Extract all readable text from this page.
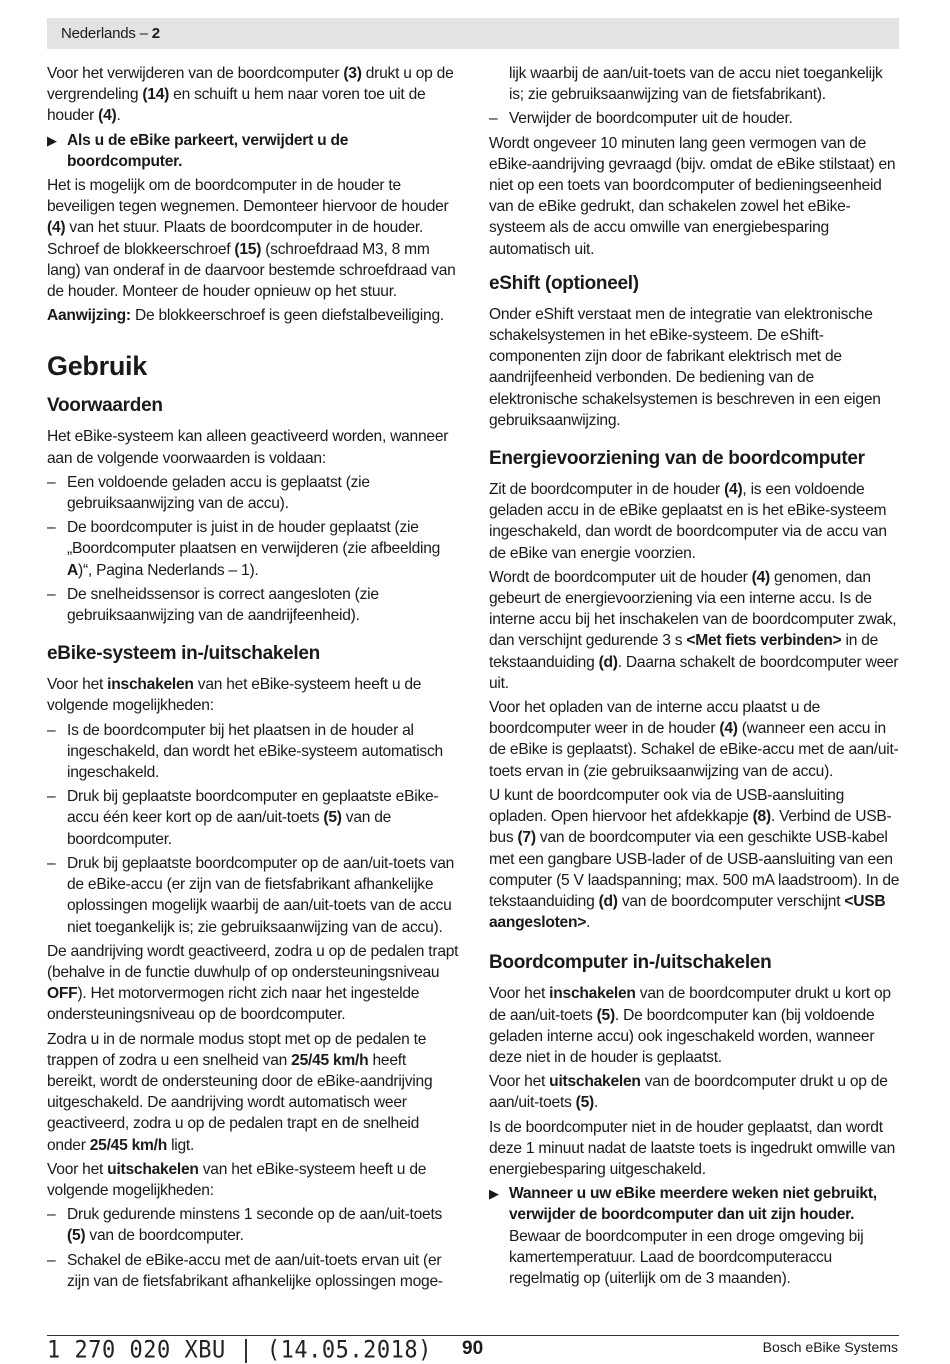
Nederlands – 2

Voor het verwijderen van de boordcomputer (3) drukt u op de vergrendeling (14) en schuift u hem naar voren toe uit de houder (4).

▶ Als u de eBike parkeert, verwijdert u de boordcomputer.

Het is mogelijk om de boordcomputer in de houder te beveiligen tegen wegnemen. Demonteer hiervoor de houder (4) van het stuur. Plaats de boordcomputer in de houder. Schroef de blokkeerschroef (15) (schroefdraad M3, 8 mm lang) van onderaf in de daarvoor bestemde schroefdraad van de houder. Monteer de houder opnieuw op het stuur.

Aanwijzing: De blokkeerschroef is geen diefstalbeveiliging.

Gebruik
Voorwaarden

Het eBike-systeem kan alleen geactiveerd worden, wanneer aan de volgende voorwaarden is voldaan:

– Een voldoende geladen accu is geplaatst (zie gebruiksaanwijzing van de accu).
– De boordcomputer is juist in de houder geplaatst (zie „Boordcomputer plaatsen en verwijderen (zie afbeelding A)“, Pagina Nederlands – 1).
– De snelheidssensor is correct aangesloten (zie gebruiksaanwijzing van de aandrijfeenheid).
eBike-systeem in-/uitschakelen

Voor het inschakelen van het eBike-systeem heeft u de volgende mogelijkheden:

– Is de boordcomputer bij het plaatsen in de houder al ingeschakeld, dan wordt het eBike-systeem automatisch ingeschakeld.
– Druk bij geplaatste boordcomputer en geplaatste eBike-accu één keer kort op de aan/uit-toets (5) van de boordcomputer.
– Druk bij geplaatste boordcomputer op de aan/uit-toets van de eBike-accu (er zijn van de fietsfabrikant afhankelijke oplossingen mogelijk waarbij de aan/uit-toets van de accu niet toegankelijk is; zie gebruiksaanwijzing van de accu).

De aandrijving wordt geactiveerd, zodra u op de pedalen trapt (behalve in de functie duwhulp of op ondersteuningsniveau OFF). Het motorvermogen richt zich naar het ingestelde ondersteuningsniveau op de boordcomputer.

Zodra u in de normale modus stopt met op de pedalen te trappen of zodra u een snelheid van 25/45 km/h heeft bereikt, wordt de ondersteuning door de eBike-aandrijving uitgeschakeld. De aandrijving wordt automatisch weer geactiveerd, zodra u op de pedalen trapt en de snelheid onder 25/45 km/h ligt.

Voor het uitschakelen van het eBike-systeem heeft u de volgende mogelijkheden:

– Druk gedurende minstens 1 seconde op de aan/uit-toets (5) van de boordcomputer.
– Schakel de eBike-accu met de aan/uit-toets ervan uit (er zijn van de fietsfabrikant afhankelijke oplossingen moge-

lijk waarbij de aan/uit-toets van de accu niet toegankelijk is; zie gebruiksaanwijzing van de fietsfabrikant).

– Verwijder de boordcomputer uit de houder.

Wordt ongeveer 10 minuten lang geen vermogen van de eBike-aandrijving gevraagd (bijv. omdat de eBike stilstaat) en niet op een toets van boordcomputer of bedieningseenheid van de eBike gedrukt, dan schakelen zowel het eBike-systeem als de accu omwille van energiebesparing automatisch uit.

eShift (optioneel)

Onder eShift verstaat men de integratie van elektronische schakelsystemen in het eBike-systeem. De eShift-componenten zijn door de fabrikant elektrisch met de aandrijfeenheid verbonden. De bediening van de elektronische schakelsystemen is beschreven in een eigen gebruiksaanwijzing.

Energievoorziening van de boordcomputer

Zit de boordcomputer in de houder (4), is een voldoende geladen accu in de eBike geplaatst en is het eBike-systeem ingeschakeld, dan wordt de boordcomputer via de accu van de eBike van energie voorzien.

Wordt de boordcomputer uit de houder (4) genomen, dan gebeurt de energievoorziening via een interne accu. Is de interne accu bij het inschakelen van de boordcomputer zwak, dan verschijnt gedurende 3 s <Met fiets verbinden> in de tekstaanduiding (d). Daarna schakelt de boordcomputer weer uit.

Voor het opladen van de interne accu plaatst u de boordcomputer weer in de houder (4) (wanneer een accu in de eBike is geplaatst). Schakel de eBike-accu met de aan/uit-toets ervan in (zie gebruiksaanwijzing van de accu).

U kunt de boordcomputer ook via de USB-aansluiting opladen. Open hiervoor het afdekkapje (8). Verbind de USB-bus (7) van de boordcomputer via een geschikte USB-kabel met een gangbare USB-lader of de USB-aansluiting van een computer (5 V laadspanning; max. 500 mA laadstroom). In de tekstaanduiding (d) van de boordcomputer verschijnt <USB aangesloten>.

Boordcomputer in-/uitschakelen

Voor het inschakelen van de boordcomputer drukt u kort op de aan/uit-toets (5). De boordcomputer kan (bij voldoende geladen interne accu) ook ingeschakeld worden, wanneer deze niet in de houder is geplaatst.

Voor het uitschakelen van de boordcomputer drukt u op de aan/uit-toets (5).

Is de boordcomputer niet in de houder geplaatst, dan wordt deze 1 minuut nadat de laatste toets is ingedrukt omwille van energiebesparing uitgeschakeld.

▶ Wanneer u uw eBike meerdere weken niet gebruikt, verwijder de boordcomputer dan uit zijn houder. Bewaar de boordcomputer in een droge omgeving bij kamertemperatuur. Laad de boordcomputeraccu regelmatig op (uiterlijk om de 3 maanden).
1 270 020 XBU | (14.05.2018) 90	Bosch eBike Systems
